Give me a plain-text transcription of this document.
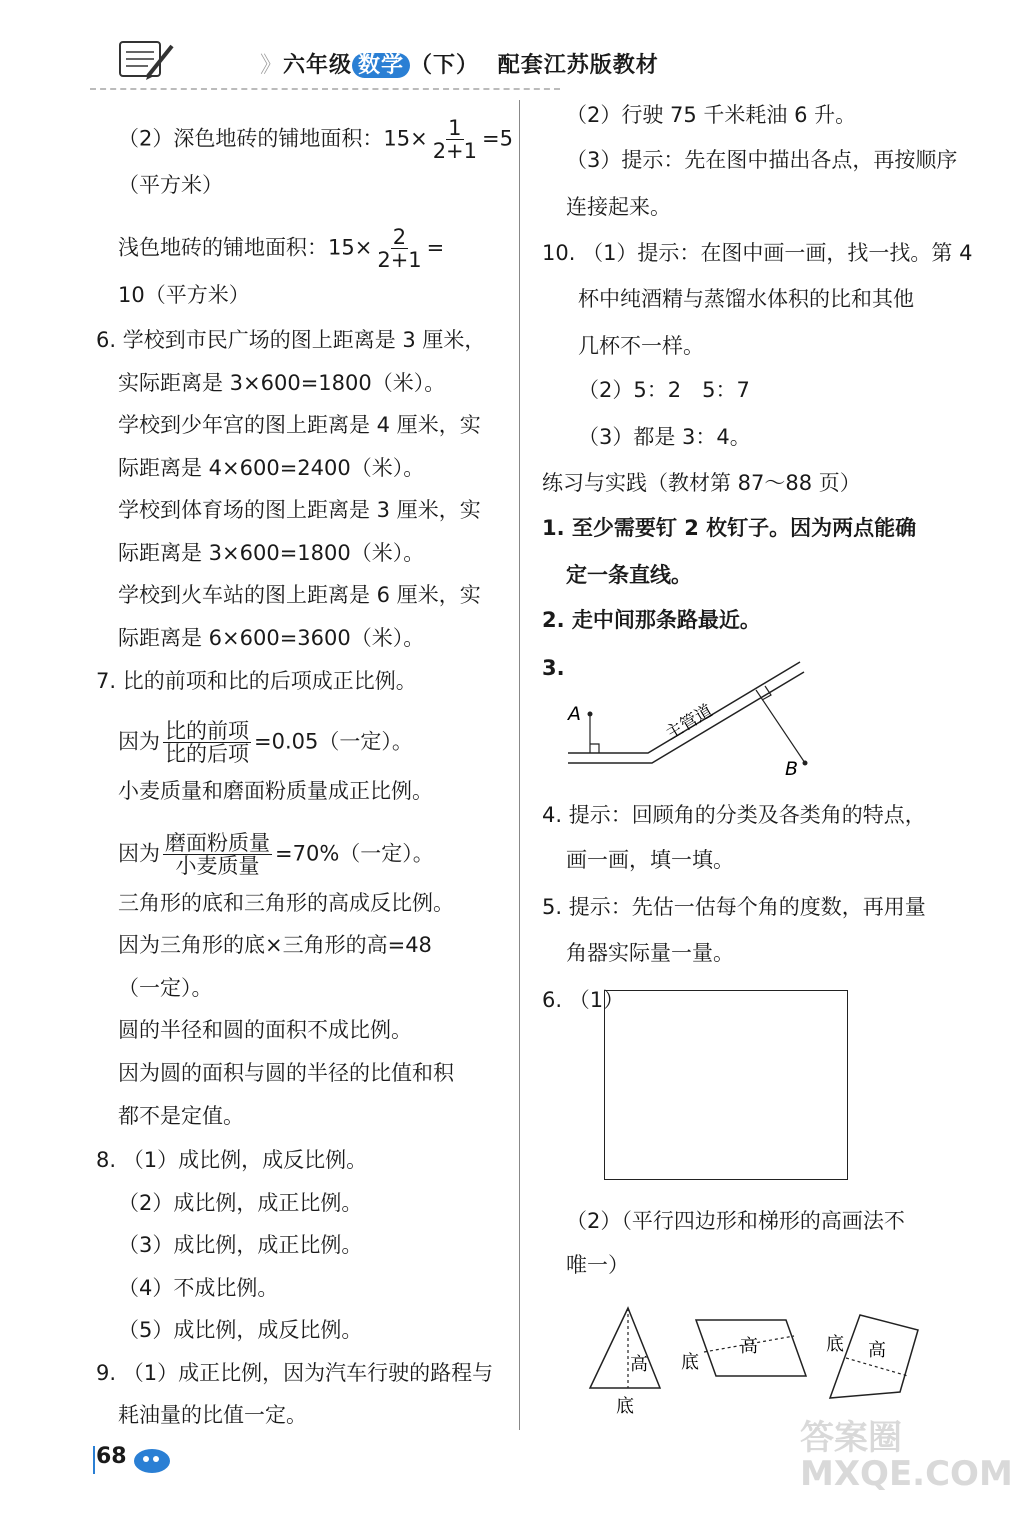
》六年级 数学 （下） 配套江苏版教材
（2）深色地砖的铺地面积：$15\times \frac{1}{2+1} =5$
（平方米）
浅色地砖的铺地面积：$15\times \frac{2}{2+1}$ =
10（平方米）
6. 学校到市民广场的图上距离是 3 厘米，
实际距离是 3×600=1800（米）。
学校到少年宫的图上距离是 4 厘米，实
际距离是 4×600=2400（米）。
学校到体育场的图上距离是 3 厘米，实
际距离是 3×600=1800（米）。
学校到火车站的图上距离是 6 厘米，实
际距离是 6×600=3600（米）。
7. 比的前项和比的后项成正比例。
因为 $\frac{\text{比的前项}}{\text{比的后项}} =0.05$（一定）。
小麦质量和磨面粉质量成正比例。
因为 $\frac{\text{磨面粉质量}}{\text{小麦质量}} =70\%$（一定）。
三角形的底和三角形的高成反比例。
因为三角形的底×三角形的高=48
（一定）。
圆的半径和圆的面积不成比例。
因为圆的面积与圆的半径的比值和积
都不是定值。
8. （1）成比例，成反比例。
（2）成比例，成正比例。
（3）成比例，成正比例。
（4）不成比例。
（5）成比例，成反比例。
9. （1）成正比例，因为汽车行驶的路程与
耗油量的比值一定。
（2）行驶 75 千米耗油 6 升。
（3）提示：先在图中描出各点，再按顺序
连接起来。
10. （1）提示：在图中画一画，找一找。第 4
杯中纯酒精与蒸馏水体积的比和其他
几杯不一样。
（2）5：2　5：7
（3）都是 3：4。
练习与实践（教材第 87～88 页）
1. 至少需要钉 2 枚钉子。因为两点能确
定一条直线。
2. 走中间那条路最近。
3.
A
B
主管道
4. 提示：回顾角的分类及各类角的特点，
画一画，填一填。
5. 提示：先估一估每个角的度数，再用量
角器实际量一量。
6. （1）
（2）（平行四边形和梯形的高画法不
唯一）
高
底
底
高	底 高
68	答案圈 MXQE.COM
